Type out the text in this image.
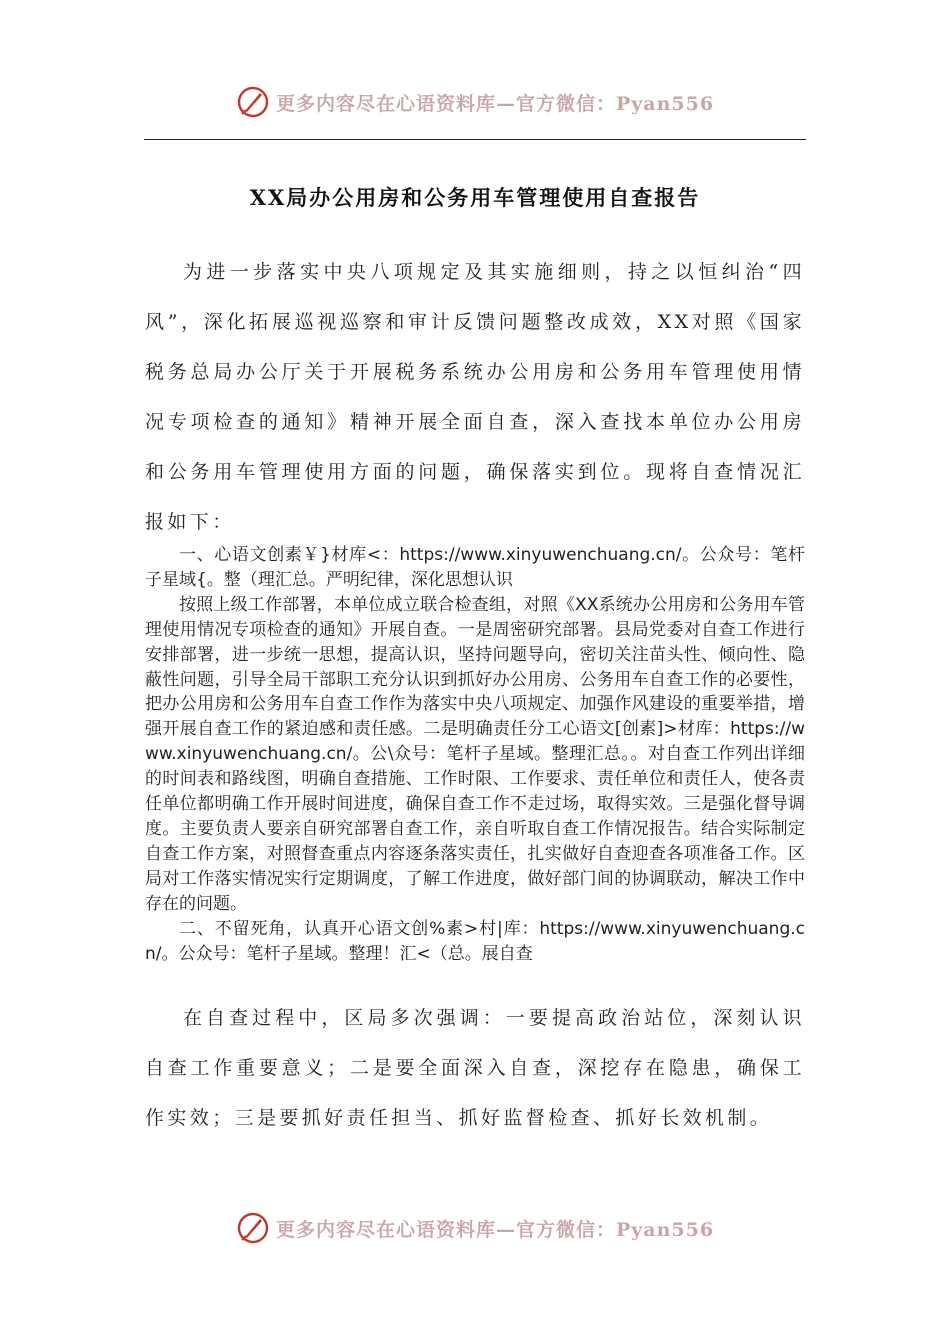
更多内容尽在心语资料库—官方微信：Pyan556
XX局办公用房和公务用车管理使用自查报告

为进一步落实中央八项规定及其实施细则，持之以恒纠治“四风”，深化拓展巡视巡察和审计反馈问题整改成效，XX对照《国家税务总局办公厅关于开展税务系统办公用房和公务用车管理使用情况专项检查的通知》精神开展全面自查，深入查找本单位办公用房和公务用车管理使用方面的问题，确保落实到位。现将自查情况汇报如下：

一、心语文创素￥}材库<：https://www.xinyuwenchuang.cn/。公众号：笔杆子星域{。整（理汇总。严明纪律，深化思想认识

按照上级工作部署，本单位成立联合检查组，对照《XX系统办公用房和公务用车管理使用情况专项检查的通知》开展自查。一是周密研究部署。县局党委对自查工作进行安排部署，进一步统一思想，提高认识，坚持问题导向，密切关注苗头性、倾向性、隐蔽性问题，引导全局干部职工充分认识到抓好办公用房、公务用车自查工作的必要性，把办公用房和公务用车自查工作作为落实中央八项规定、加强作风建设的重要举措，增强开展自查工作的紧迫感和责任感。二是明确责任分工心语文[创素]>材库：https://www.xinyuwenchuang.cn/。公\众号：笔杆子星域。整理汇总。。对自查工作列出详细的时间表和路线图，明确自查措施、工作时限、工作要求、责任单位和责任人，使各责任单位都明确工作开展时间进度，确保自查工作不走过场，取得实效。三是强化督导调度。主要负责人要亲自研究部署自查工作，亲自听取自查工作情况报告。结合实际制定自查工作方案，对照督查重点内容逐条落实责任，扎实做好自查迎查各项准备工作。区局对工作落实情况实行定期调度，了解工作进度，做好部门间的协调联动，解决工作中存在的问题。

二、不留死角，认真开心语文创%素>村|库：https://www.xinyuwenchuang.cn/。公众号：笔杆子星域。整理！汇<（总。展自查

在自查过程中，区局多次强调：一要提高政治站位，深刻认识自查工作重要意义；二是要全面深入自查，深挖存在隐患，确保工作实效；三是要抓好责任担当、抓好监督检查、抓好长效机制。

更多内容尽在心语资料库—官方微信：Pyan556
